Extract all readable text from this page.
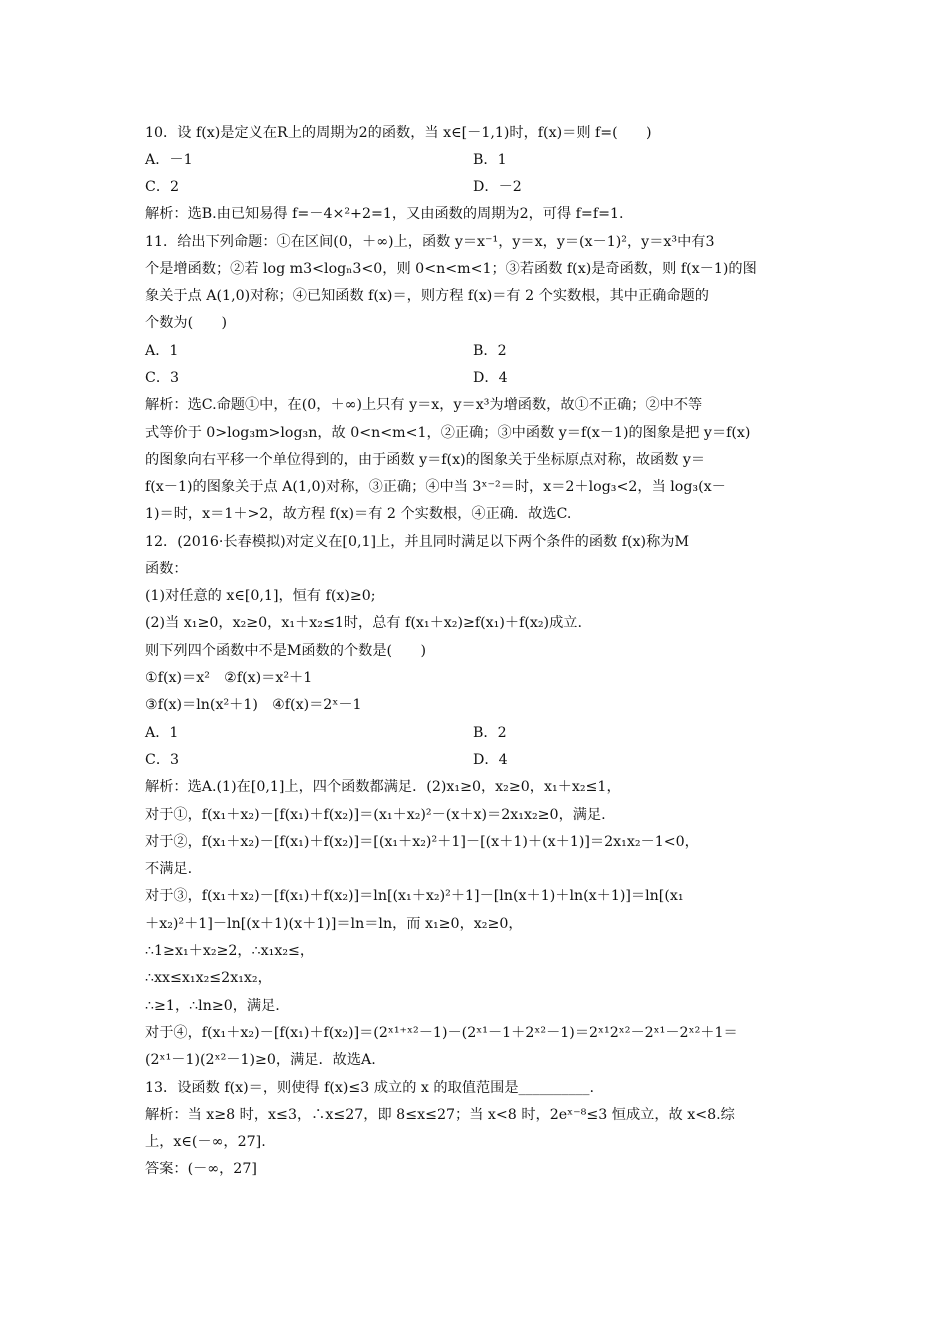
10．设 f(x)是定义在R上的周期为2的函数，当 x∈[－1,1)时，f(x)＝则 f=(　　)
A．－1	B．1
C．2	D．－2
解析：选B.由已知易得 f=－4×²+2=1，又由函数的周期为2，可得 f=f=1.
11．给出下列命题：①在区间(0，＋∞)上，函数 y＝x⁻¹，y＝x，y＝(x－1)²，y＝x³中有3
个是增函数；②若 log m3<logₙ3<0，则 0<n<m<1；③若函数 f(x)是奇函数，则 f(x－1)的图
象关于点 A(1,0)对称；④已知函数 f(x)＝，则方程 f(x)＝有 2 个实数根，其中正确命题的
个数为(　　)
A．1	B．2
C．3	D．4
解析：选C.命题①中，在(0，＋∞)上只有 y＝x，y＝x³为增函数，故①不正确；②中不等
式等价于 0>log₃m>log₃n，故 0<n<m<1，②正确；③中函数 y＝f(x－1)的图象是把 y＝f(x)
的图象向右平移一个单位得到的，由于函数 y＝f(x)的图象关于坐标原点对称，故函数 y＝
f(x－1)的图象关于点 A(1,0)对称，③正确；④中当 3ˣ⁻²＝时，x＝2＋log₃<2，当 log₃(x－
1)＝时，x＝1＋>2，故方程 f(x)＝有 2 个实数根，④正确．故选C.
12．(2016·长春模拟)对定义在[0,1]上，并且同时满足以下两个条件的函数 f(x)称为M
函数：
(1)对任意的 x∈[0,1]，恒有 f(x)≥0;
(2)当 x₁≥0，x₂≥0，x₁＋x₂≤1时，总有 f(x₁＋x₂)≥f(x₁)＋f(x₂)成立.
则下列四个函数中不是M函数的个数是(　　)
①f(x)＝x²　②f(x)＝x²＋1
③f(x)＝ln(x²＋1)　④f(x)＝2ˣ－1
A．1	B．2
C．3	D．4
解析：选A.(1)在[0,1]上，四个函数都满足．(2)x₁≥0，x₂≥0，x₁＋x₂≤1，
对于①，f(x₁＋x₂)－[f(x₁)＋f(x₂)]＝(x₁＋x₂)²－(x＋x)＝2x₁x₂≥0，满足.
对于②，f(x₁＋x₂)－[f(x₁)＋f(x₂)]＝[(x₁＋x₂)²＋1]－[(x＋1)＋(x＋1)]＝2x₁x₂－1<0，
不满足.
对于③，f(x₁＋x₂)－[f(x₁)＋f(x₂)]＝ln[(x₁＋x₂)²＋1]－[ln(x＋1)＋ln(x＋1)]＝ln[(x₁
＋x₂)²＋1]－ln[(x＋1)(x＋1)]＝ln＝ln，而 x₁≥0，x₂≥0，
∴1≥x₁＋x₂≥2，∴x₁x₂≤，
∴xx≤x₁x₂≤2x₁x₂，
∴≥1，∴ln≥0，满足.
对于④，f(x₁＋x₂)－[f(x₁)＋f(x₂)]＝(2ˣ¹⁺ˣ²－1)－(2ˣ¹－1＋2ˣ²－1)＝2ˣ¹2ˣ²－2ˣ¹－2ˣ²＋1＝
(2ˣ¹－1)(2ˣ²－1)≥0，满足．故选A.
13．设函数 f(x)＝，则使得 f(x)≤3 成立的 x 的取值范围是__________.
解析：当 x≥8 时，x≤3，∴x≤27，即 8≤x≤27；当 x<8 时，2eˣ⁻⁸≤3 恒成立，故 x<8.综
上，x∈(－∞，27].
答案：(－∞，27]
